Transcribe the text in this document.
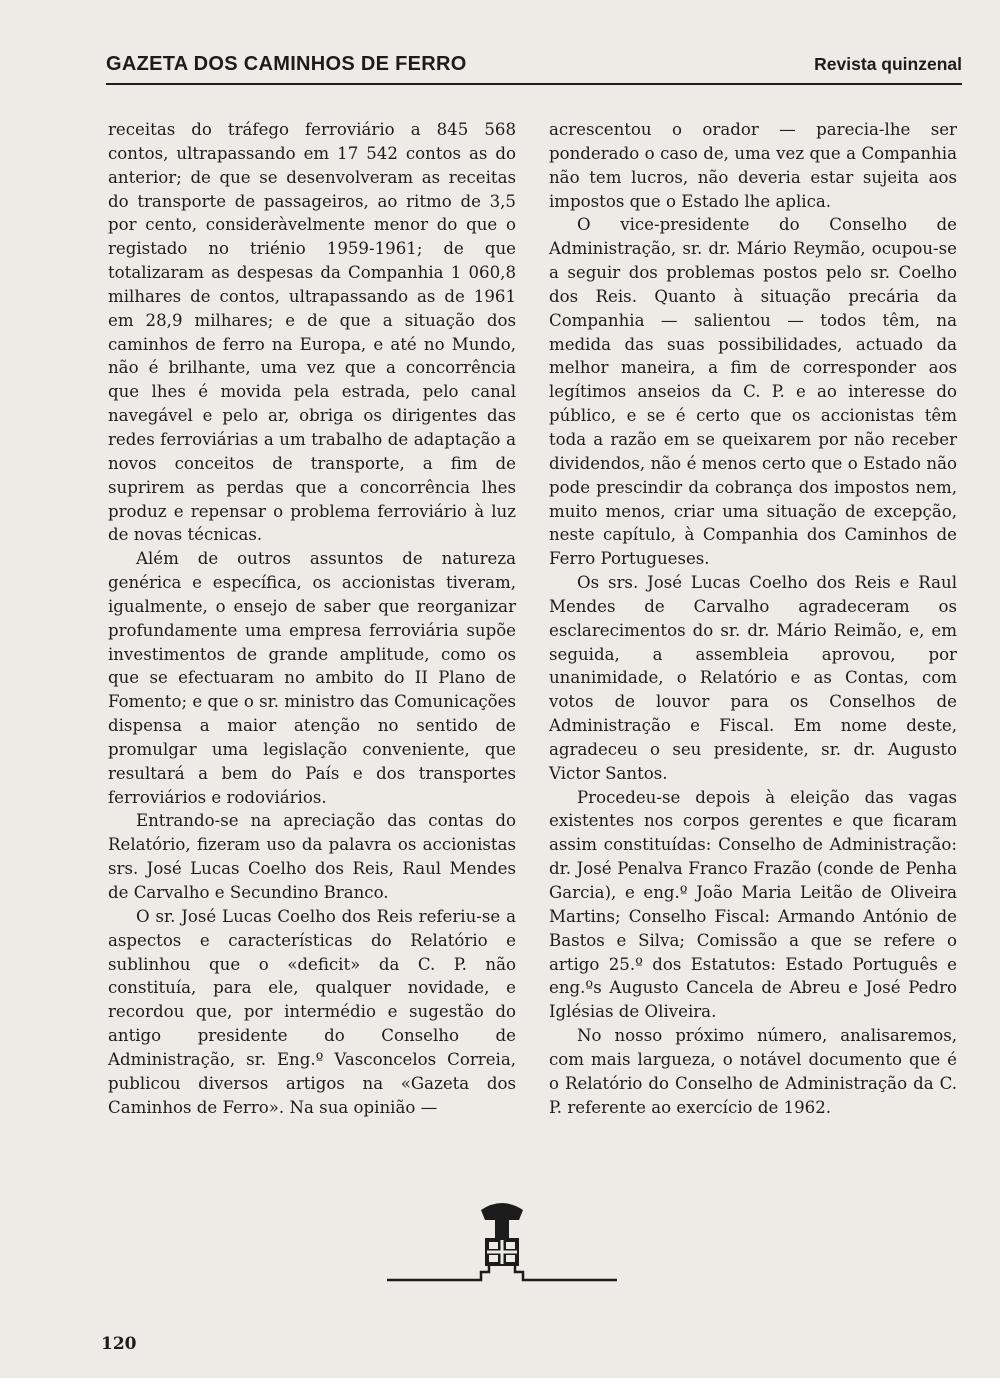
GAZETA DOS CAMINHOS DE FERRO	Revista quinzenal

receitas do tráfego ferroviário a 845 568 contos, ultrapassando em 17 542 contos as do anterior; de que se desenvolveram as receitas do transporte de passageiros, ao ritmo de 3,5 por cento, consideràvelmente menor do que o registado no triénio 1959-1961; de que totalizaram as despesas da Companhia 1 060,8 milhares de contos, ultrapassando as de 1961 em 28,9 milhares; e de que a situação dos caminhos de ferro na Europa, e até no Mundo, não é brilhante, uma vez que a concorrência que lhes é movida pela estrada, pelo canal navegável e pelo ar, obriga os dirigentes das redes ferroviárias a um trabalho de adaptação a novos conceitos de transporte, a fim de suprirem as perdas que a concorrência lhes produz e repensar o problema ferroviário à luz de novas técnicas.

Além de outros assuntos de natureza genérica e específica, os accionistas tiveram, igualmente, o ensejo de saber que reorganizar profundamente uma empresa ferroviária supõe investimentos de grande amplitude, como os que se efectuaram no ambito do II Plano de Fomento; e que o sr. ministro das Comunicações dispensa a maior atenção no sentido de promulgar uma legislação conveniente, que resultará a bem do País e dos transportes ferroviários e rodoviários.

Entrando-se na apreciação das contas do Relatório, fizeram uso da palavra os accionistas srs. José Lucas Coelho dos Reis, Raul Mendes de Carvalho e Secundino Branco.

O sr. José Lucas Coelho dos Reis referiu-se a aspectos e características do Relatório e sublinhou que o «deficit» da C. P. não constituía, para ele, qualquer novidade, e recordou que, por intermédio e sugestão do antigo presidente do Conselho de Administração, sr. Eng.º Vasconcelos Correia, publicou diversos artigos na «Gazeta dos Caminhos de Ferro». Na sua opinião —

acrescentou o orador — parecia-lhe ser ponderado o caso de, uma vez que a Companhia não tem lucros, não deveria estar sujeita aos impostos que o Estado lhe aplica.

O vice-presidente do Conselho de Administração, sr. dr. Mário Reymão, ocupou-se a seguir dos problemas postos pelo sr. Coelho dos Reis. Quanto à situação precária da Companhia — salientou — todos têm, na medida das suas possibilidades, actuado da melhor maneira, a fim de corresponder aos legítimos anseios da C. P. e ao interesse do público, e se é certo que os accionistas têm toda a razão em se queixarem por não receber dividendos, não é menos certo que o Estado não pode prescindir da cobrança dos impostos nem, muito menos, criar uma situação de excepção, neste capítulo, à Companhia dos Caminhos de Ferro Portugueses.

Os srs. José Lucas Coelho dos Reis e Raul Mendes de Carvalho agradeceram os esclarecimentos do sr. dr. Mário Reimão, e, em seguida, a assembleia aprovou, por unanimidade, o Relatório e as Contas, com votos de louvor para os Conselhos de Administração e Fiscal. Em nome deste, agradeceu o seu presidente, sr. dr. Augusto Victor Santos.

Procedeu-se depois à eleição das vagas existentes nos corpos gerentes e que ficaram assim constituídas: Conselho de Administração: dr. José Penalva Franco Frazão (conde de Penha Garcia), e eng.º João Maria Leitão de Oliveira Martins; Conselho Fiscal: Armando António de Bastos e Silva; Comissão a que se refere o artigo 25.º dos Estatutos: Estado Português e eng.ºs Augusto Cancela de Abreu e José Pedro Iglésias de Oliveira.

No nosso próximo número, analisaremos, com mais largueza, o notável documento que é o Relatório do Conselho de Administração da C. P. referente ao exercício de 1962.

120
